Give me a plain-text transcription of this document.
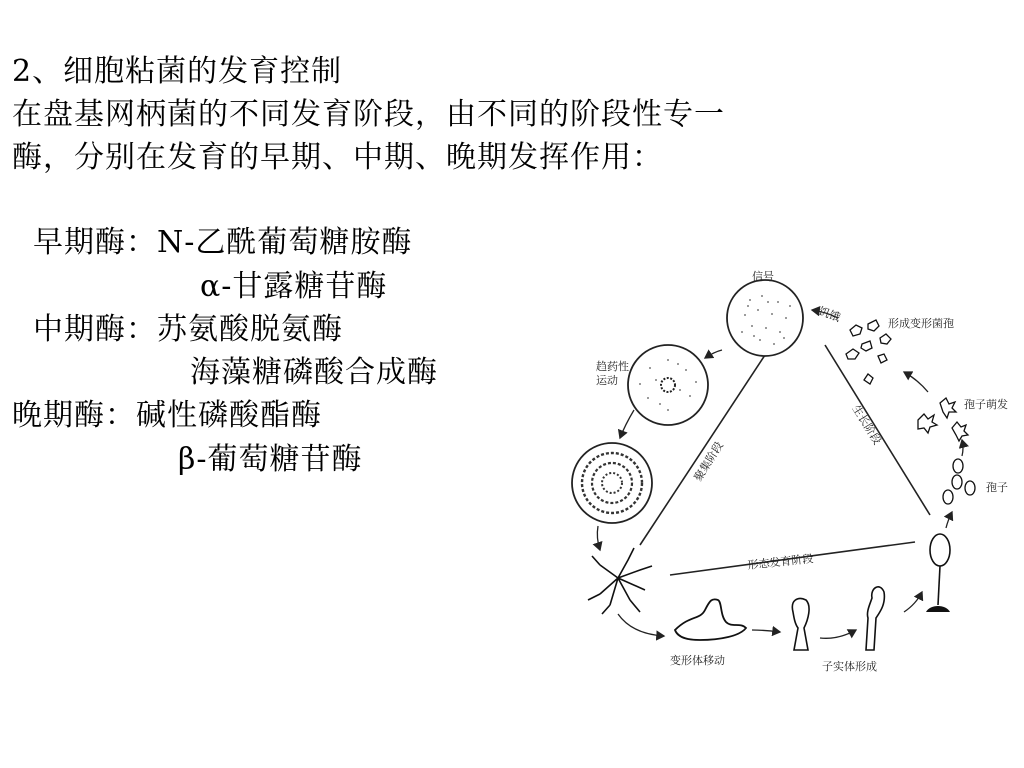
2、细胞粘菌的发育控制
在盘基网柄菌的不同发育阶段，由不同的阶段性专一
酶，分别在发育的早期、中期、晚期发挥作用：
早期酶：N-乙酰葡萄糖胺酶
α-甘露糖苷酶
中期酶：苏氨酸脱氨酶
海藻糖磷酸合成酶
晚期酶：碱性磷酸酯酶
β-葡萄糖苷酶
信号
饥饿	形成变形菌孢
趋药性
运动
孢子萌发
聚集阶段
生长阶段
孢子
形态发育阶段
变形体移动	子实体形成
